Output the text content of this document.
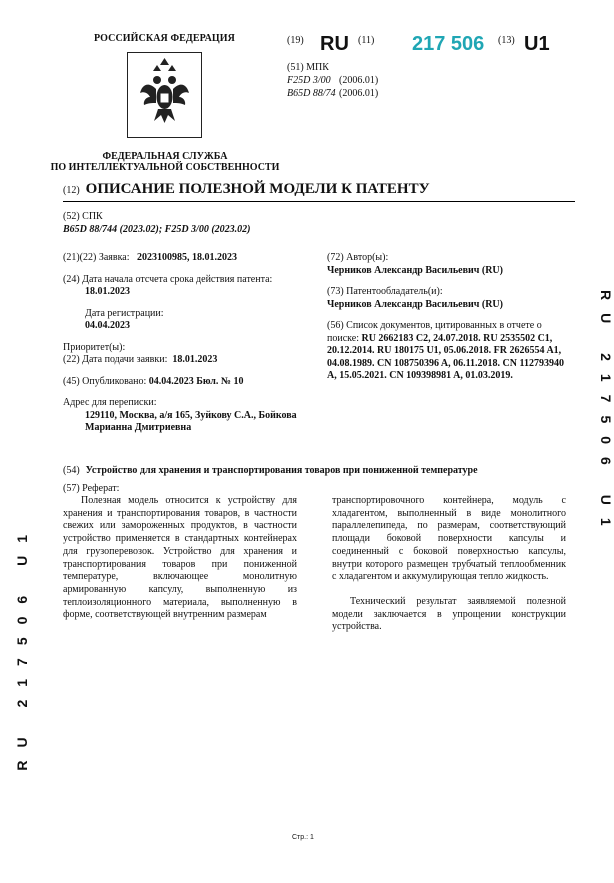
РОССИЙСКАЯ ФЕДЕРАЦИЯ
ФЕДЕРАЛЬНАЯ СЛУЖБА
ПО ИНТЕЛЛЕКТУАЛЬНОЙ СОБСТВЕННОСТИ
(19) RU (11) 217 506 (13) U1
(51) МПК
F25D 3/00 (2006.01)
B65D 88/74 (2006.01)
(12) ОПИСАНИЕ ПОЛЕЗНОЙ МОДЕЛИ К ПАТЕНТУ
(52) СПК
B65D 88/744 (2023.02); F25D 3/00 (2023.02)
(21)(22) Заявка: 2023100985, 18.01.2023
(24) Дата начала отсчета срока действия патента:
18.01.2023
Дата регистрации:
04.04.2023
Приоритет(ы):
(22) Дата подачи заявки: 18.01.2023
(45) Опубликовано: 04.04.2023 Бюл. № 10
Адрес для переписки:
129110, Москва, а/я 165, Зуйкову С.А., Бойкова Марианна Дмитриевна
(72) Автор(ы):
Черников Александр Васильевич (RU)
(73) Патентообладатель(и):
Черников Александр Васильевич (RU)
(56) Список документов, цитированных в отчете о поиске: RU 2662183 C2, 24.07.2018. RU 2535502 C1, 20.12.2014. RU 180175 U1, 05.06.2018. FR 2626554 A1, 04.08.1989. CN 108750396 A, 06.11.2018. CN 112793940 A, 15.05.2021. CN 109398981 A, 01.03.2019.
(54) Устройство для хранения и транспортирования товаров при пониженной температуре
(57) Реферат:
Полезная модель относится к устройству для хранения и транспортирования товаров, в частности свежих или замороженных продуктов, в частности устройство применяется в стандартных контейнерах для грузоперевозок. Устройство для хранения и транспортирования товаров при пониженной температуре, включающее монолитную армированную капсулу, выполненную из теплоизоляционного материала, выполненную в форме, соответствующей внутренним размерам

транспортировочного контейнера, модуль с хладагентом, выполненный в виде монолитного параллелепипеда, по размерам, соответствующий площади боковой поверхности капсулы и соединенный с боковой поверхностью капсулы, внутри которого размещен трубчатый теплообменник с хладагентом и аккумулирующая тепло жидкость.

Технический результат заявляемой полезной модели заключается в упрощении конструкции устройства.

RU 217506 U1
RU 217506 U1
Стр.: 1
